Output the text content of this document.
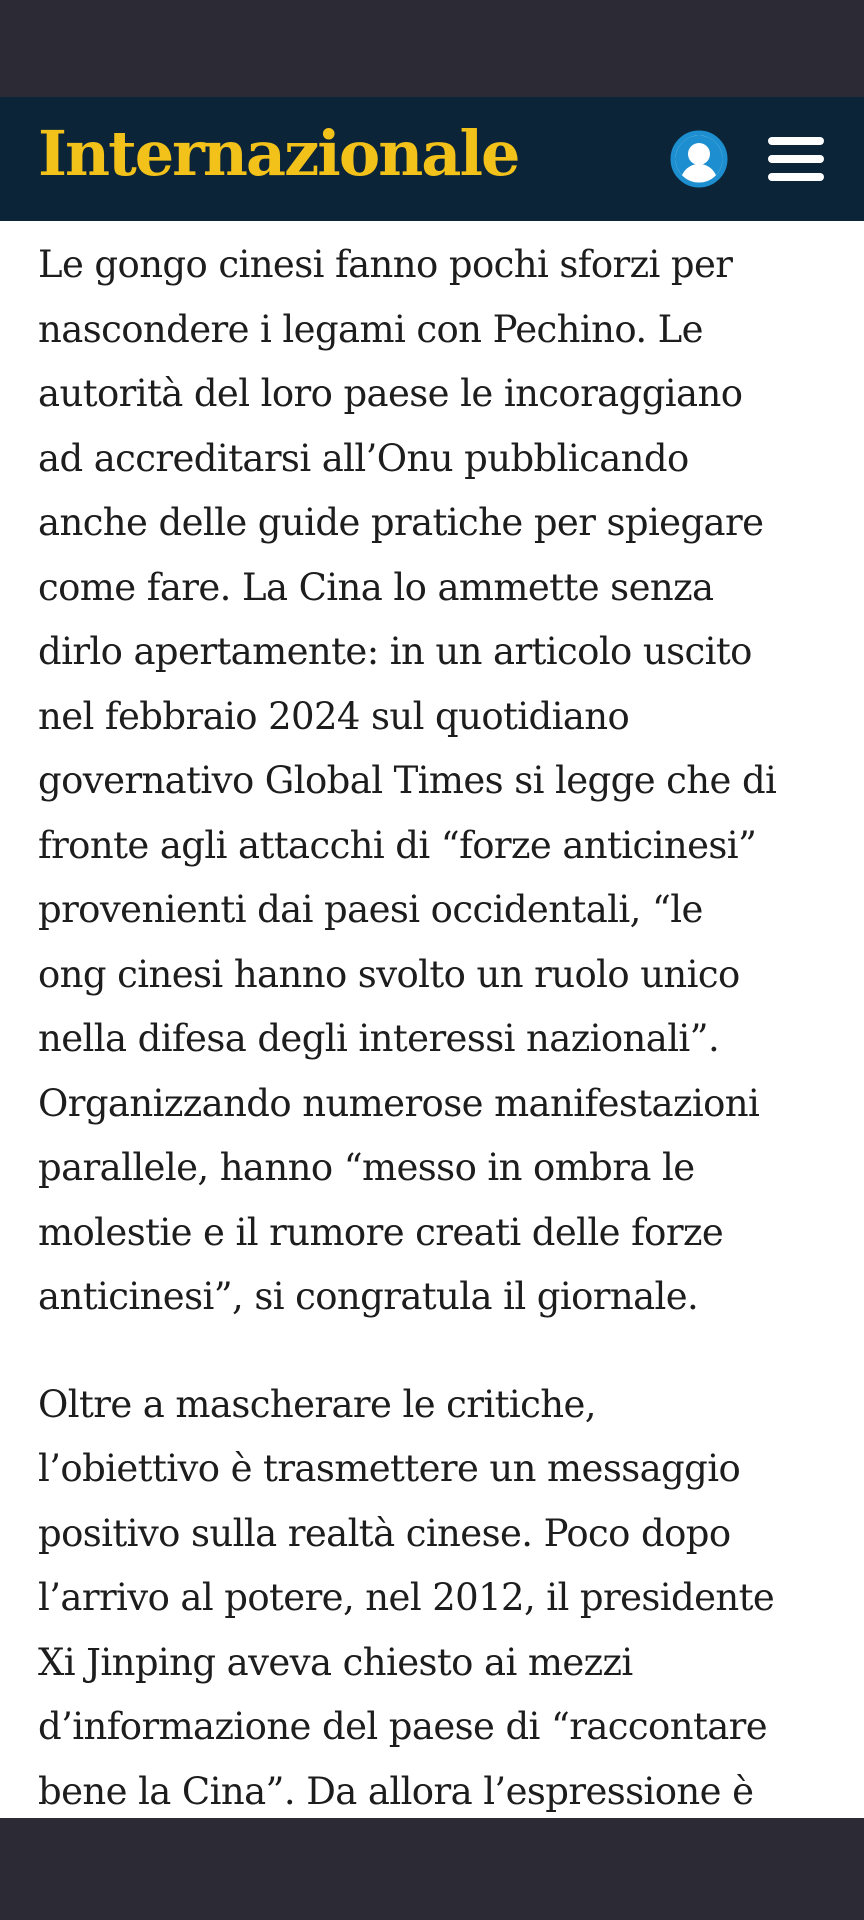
Internazionale

Le gongo cinesi fanno pochi sforzi per
nascondere i legami con Pechino. Le
autorità del loro paese le incoraggiano
ad accreditarsi all’Onu pubblicando
anche delle guide pratiche per spiegare
come fare. La Cina lo ammette senza
dirlo apertamente: in un articolo uscito
nel febbraio 2024 sul quotidiano
governativo Global Times si legge che di
fronte agli attacchi di “forze anticinesi”
provenienti dai paesi occidentali, “le
ong cinesi hanno svolto un ruolo unico
nella difesa degli interessi nazionali”.
Organizzando numerose manifestazioni
parallele, hanno “messo in ombra le
molestie e il rumore creati delle forze
anticinesi”, si congratula il giornale.

Oltre a mascherare le critiche,
l’obiettivo è trasmettere un messaggio
positivo sulla realtà cinese. Poco dopo
l’arrivo al potere, nel 2012, il presidente
Xi Jinping aveva chiesto ai mezzi
d’informazione del paese di “raccontare
bene la Cina”. Da allora l’espressione è
